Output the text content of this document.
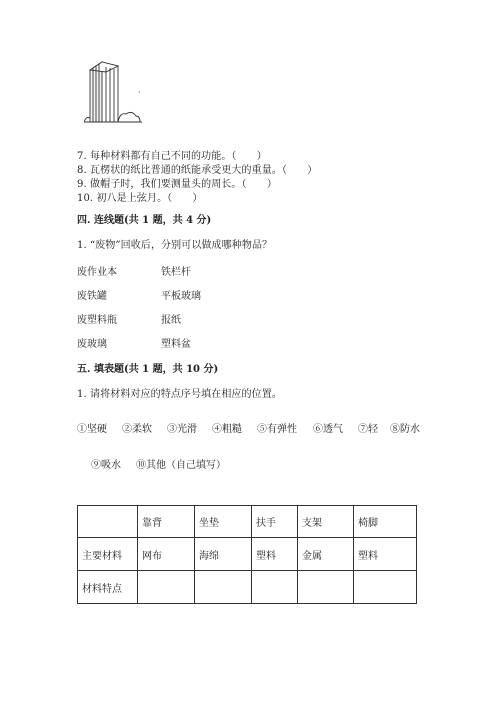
·
7. 每种材料都有自己不同的功能。（　　）
8. 瓦楞状的纸比普通的纸能承受更大的重量。（　　）
9. 做帽子时，我们要测量头的周长。（　　）
10. 初八是上弦月。（　　）
四. 连线题(共 1 题，共 4 分)
1. “废物”回收后，分别可以做成哪种物品？
废作业本
废铁罐
废塑料瓶
废玻璃
铁栏杆
平板玻璃
报纸
塑料盆
五. 填表题(共 1 题，共 10 分)
1. 请将材料对应的特点序号填在相应的位置。
①坚硬 ②柔软 ③光滑 ④粗糙 ⑤有弹性 ⑥透气 ⑦轻 ⑧防水
⑨吸水 ⑩其他（自己填写）
	靠背	坐垫	扶手	支架	椅脚
主要材料	网布	海绵	塑料	金属	塑料
材料特点					
